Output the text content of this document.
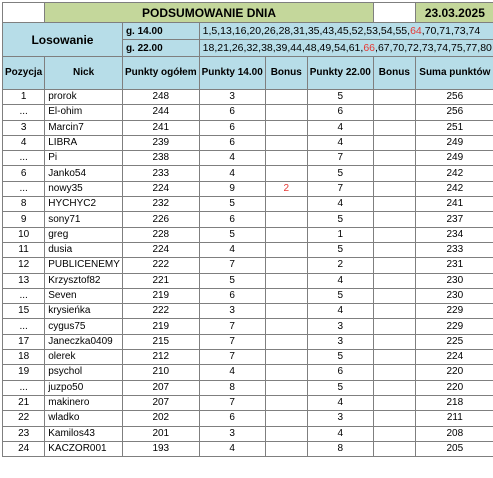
	PODSUMOWANIE DNIA						23.03.2025
Losowanie		g. 14.00	1,5,13,16,20,26,28,31,35,43,45,52,53,54,55,64,70,71,73,74				
		g. 22.00	18,21,26,32,38,39,44,48,49,54,61,66,67,70,72,73,74,75,77,80				
Pozycja	Nick	Punkty ogółem	Punkty 14.00	Bonus	Punkty 22.00	Bonus	Suma punktów
1	prorok	248	3		5		256
...	El-ohim	244	6		6		256
3	Marcin7	241	6		4		251
4	LIBRA	239	6		4		249
...	Pi	238	4		7		249
6	Janko54	233	4		5		242
...	nowy35	224	9	2	7		242
8	HYCHYC2	232	5		4		241
9	sony71	226	6		5		237
10	greg	228	5		1		234
11	dusia	224	4		5		233
12	PUBLICENEMY	222	7		2		231
13	Krzysztof82	221	5		4		230
...	Seven	219	6		5		230
15	krysieńka	222	3		4		229
...	cygus75	219	7		3		229
17	Janeczka0409	215	7		3		225
18	olerek	212	7		5		224
19	psychol	210	4		6		220
...	juzpo50	207	8		5		220
21	makinero	207	7		4		218
22	wladko	202	6		3		211
23	Kamilos43	201	3		4		208
24	KACZOR001	193	4		8		205
